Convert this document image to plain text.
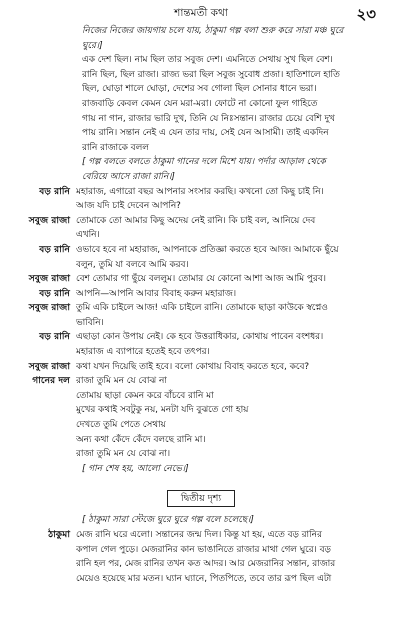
শান্তমতী কথা	২৩
নিজের নিজের জায়গায় চলে যায়, ঠাকুমা গল্প বলা শুরু করে সারা মঞ্চ ঘুরে
ঘুরে।]
এক দেশ ছিল। নাম ছিল তার সবুজ দেশ। এমনিতে সেথায় সুখ ছিল বেশ।
রানি ছিল, ছিল রাজা। রাজ্য ভরা ছিল সবুজ সুবোধ প্রজা। হাতিশালে হাতি
ছিল, ঘোড়া শালে ঘোড়া, দেশের সব গোলা ছিল সোনার ধানে ভরা।
রাজবাড়ি কেবল কেমন যেন মরা-মরা। ফোটে না কোনো ফুল গাহিতে
গায় না গান, রাজার ভারি দুখ, তিনি যে নিঃসন্তান। রাজার চেয়ে বেশি দুখ
পায় রানি। সন্তান নেই এ যেন তার দায়, সেই যেন আসামী। তাই একদিন
রানি রাজাকে বলল
[ গল্প বলতে বলতে ঠাকুমা গানের দলে মিশে যায়। পর্দার আড়াল থেকে
বেরিয়ে আসে রাজা রানি।]
বড় রানি মহারাজ, এগারো বছর আপনার সংসার করছি। কখনো তো কিছু চাই নি।
আজ যদি চাই দেবেন আপনি?
সবুজ রাজা তোমাকে তো আমার কিছু অদেয় নেই রানি। কি চাই বল, আনিয়ে দেব
এখনি।
বড় রানি ওভাবে হবে না মহারাজ, আপনাকে প্রতিজ্ঞা করতে হবে আজ। আমাকে ছুঁয়ে
বলুন, তুমি যা বলবে আমি করব।
সবুজ রাজা বেশ তোমার গা ছুঁয়ে বললুম। তোমার যে কোনো আশা আজ আমি পুরব।
বড় রানি আপনি—আপনি আবার বিবাহ করুন মহারাজ।
সবুজ রাজা তুমি একি চাইলে আজ! একি চাইলে রানি। তোমাকে ছাড়া কাউকে স্বপ্নেও
ভাবিনি।
বড় রানি এছাড়া কোন উপায় নেই। কে হবে উত্তরাধিকার, কোথায় পাবেন বংশধর।
মহারাজ এ ব্যাপারে হতেই হবে তৎপর।
সবুজ রাজা কথা যখন দিয়েছি তাই হবে। বলো কোথায় বিবাহ করতে হবে, কবে?
গানের দল রাজা তুমি মন যে বোঝ না
তোমায় ছাড়া কেমন করে বাঁচবে রানি মা
মুখের কথাই সবটুকু নয়, মনটা যদি বুঝতে গো হায়
দেখতে তুমি পেতে সেথায়
অন্য কথা কেঁদে কেঁদে বলছে রানি মা।
রাজা তুমি মন যে বোঝ না।
[ গান শেষ হয়, আলো নেভে।]
দ্বিতীয় দৃশ্য
[ ঠাকুমা সারা স্টেজে ঘুরে ঘুরে গল্প বলে চলেছে।]
ঠাকুমা মেজ রানি ঘরে এলো। সন্তানের জন্ম দিল। কিন্তু যা হয়, এতে বড় রানির
কপাল গেল পুড়ে। মেজরানির কান ভাঙানিতে রাজার মাথা গেল ঘুরে। বড়
রানি হল পর, মেজ রানির তখন কত আদর। আর মেজরানির সন্তান, রাজার
মেয়েও হয়েছে মার মতন। ঘ্যান ঘ্যানে, পিতপিতে, তবে তার রূপ ছিল এটা
